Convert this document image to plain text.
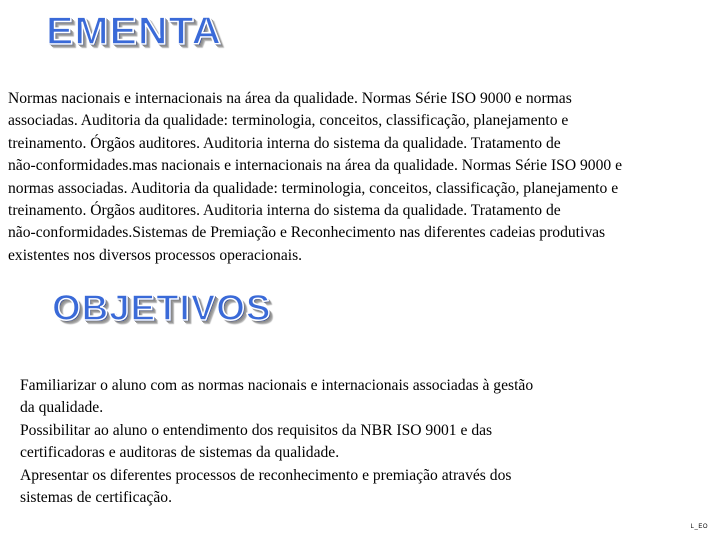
EMENTA
Normas nacionais e internacionais na área da qualidade. Normas Série ISO 9000 e normas
associadas. Auditoria da qualidade: terminologia, conceitos, classificação, planejamento e
treinamento. Órgãos auditores. Auditoria interna do sistema da qualidade. Tratamento de
não-conformidades.mas nacionais e internacionais na área da qualidade. Normas Série ISO 9000 e
normas associadas. Auditoria da qualidade: terminologia, conceitos, classificação, planejamento e
treinamento. Órgãos auditores. Auditoria interna do sistema da qualidade. Tratamento de
não-conformidades.Sistemas de Premiação e Reconhecimento nas diferentes cadeias produtivas
existentes nos diversos processos operacionais.
OBJETIVOS
Familiarizar o aluno com as normas nacionais e internacionais associadas à gestão
da qualidade.
Possibilitar ao aluno o entendimento dos requisitos da NBR ISO 9001 e das
certificadoras e auditoras de sistemas da qualidade.
Apresentar os diferentes processos de reconhecimento e premiação através dos
sistemas de certificação.
L_EO
